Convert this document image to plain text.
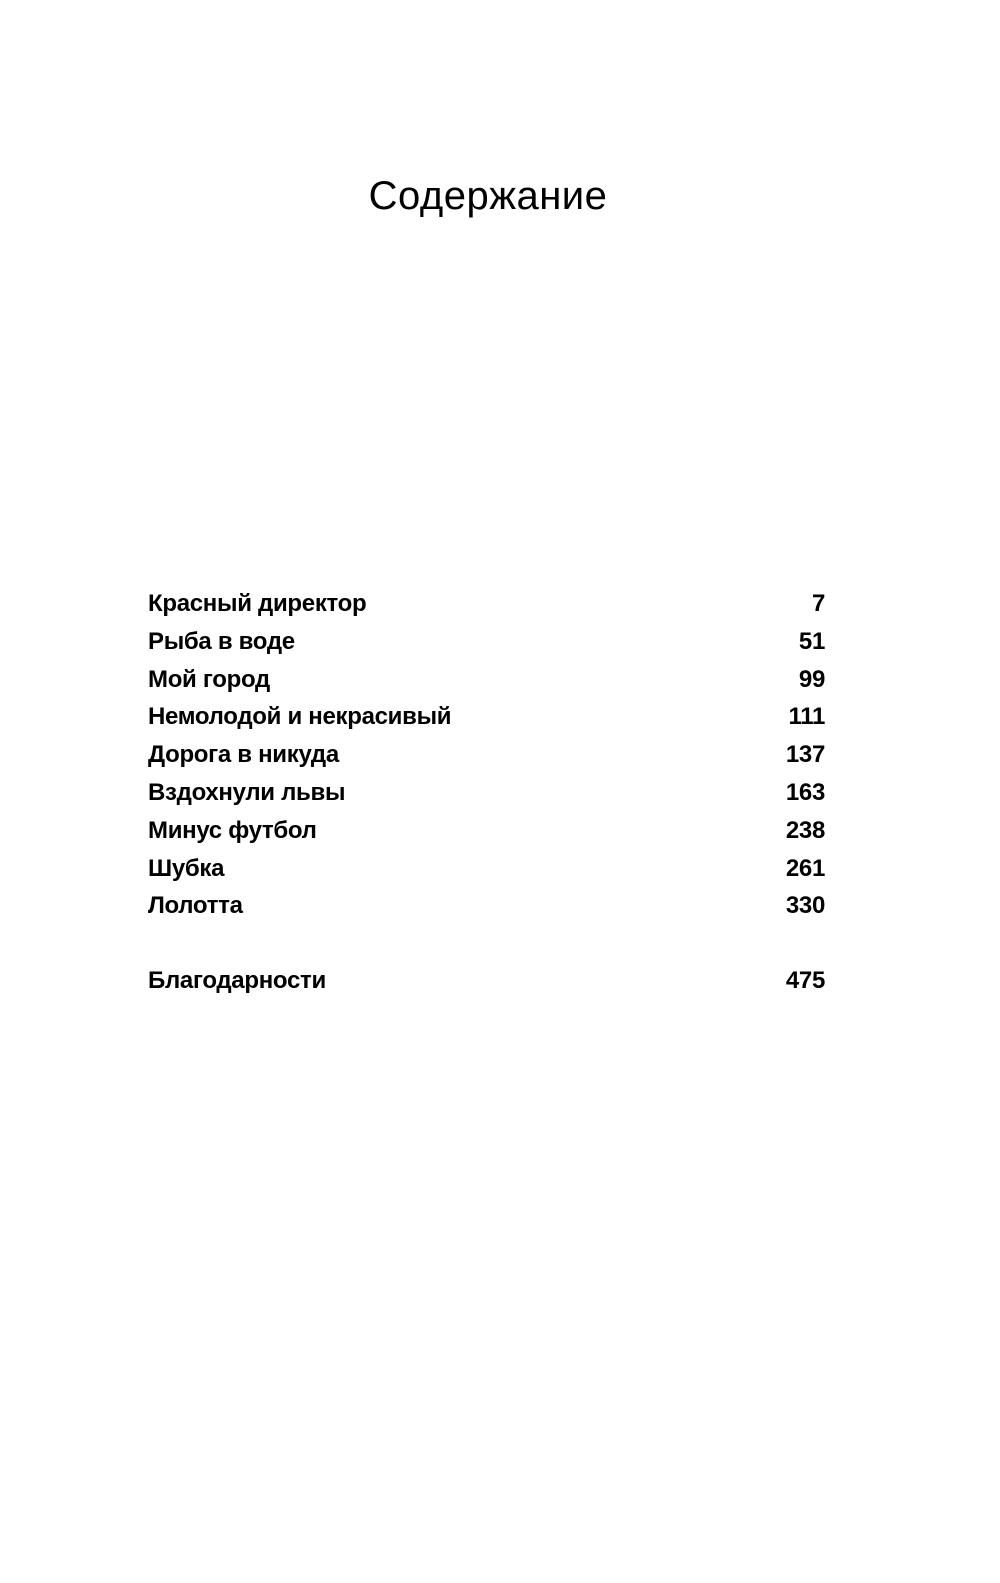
Содержание
Красный директор	7
Рыба в воде	51
Мой город	99
Немолодой и некрасивый	111
Дорога в никуда	137
Вздохнули львы	163
Минус футбол	238
Шубка	261
Лолотта	330
Благодарности	475
